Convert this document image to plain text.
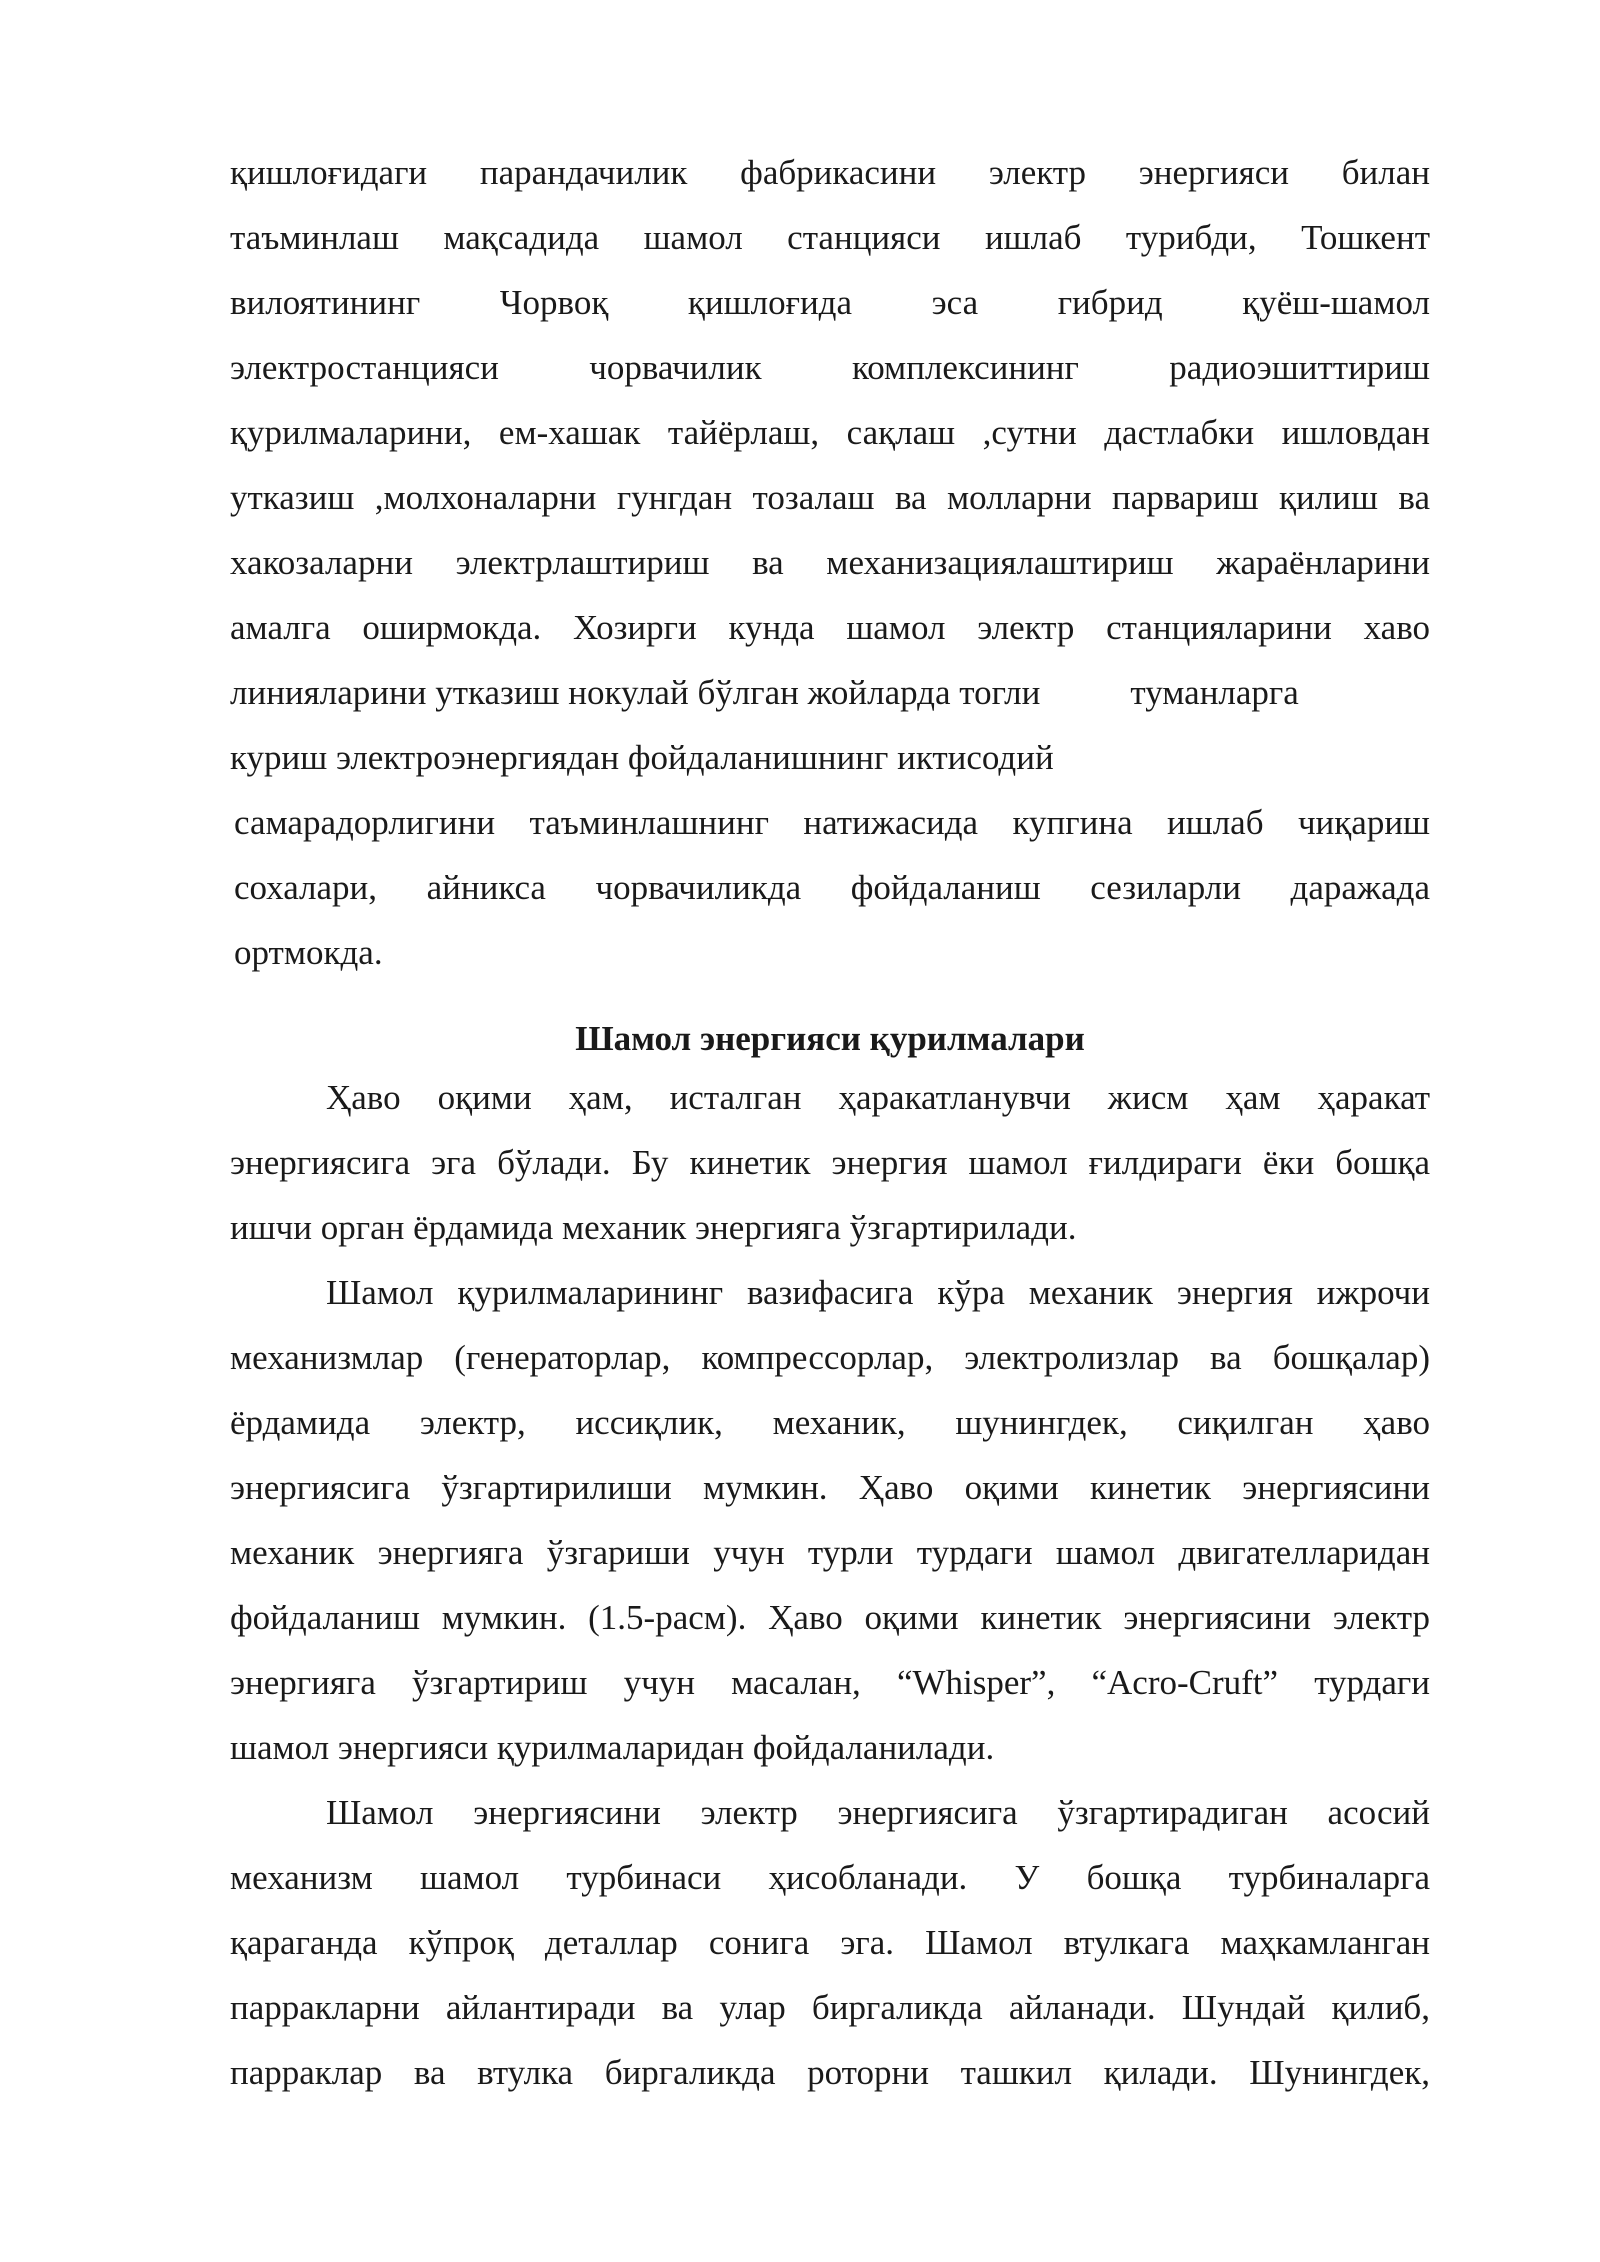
қишлоғидаги парандачилик фабрикасини электр энергияси билан
таъминлаш мақсадида шамол станцияси ишлаб турибди, Тошкент
вилоятининг Чорвоқ қишлоғида эса гибрид қуёш-шамол
электростанцияси чорвачилик комплексининг радиоэшиттириш
қурилмаларини, ем-хашак тайёрлаш, сақлаш ,сутни дастлабки ишловдан
утказиш ,молхоналарни гунгдан тозалаш ва молларни парвариш қилиш ва
хакозаларни электрлаштириш ва механизациялаштириш жараёнларини
амалга оширмокда. Хозирги кунда шамол электр станцияларини хаво
линияларини утказиш нокулай бўлган жойларда тогли	туманларга
куриш электроэнергиядан фойдаланишнинг иктисодий
самарадорлигини таъминлашнинг натижасида купгина ишлаб чиқариш
сохалари, айникса чорвачиликда фойдаланиш сезиларли даражада
ортмокда.
Шамол энергияси қурилмалари
Ҳаво оқими ҳам, исталган ҳаракатланувчи жисм ҳам ҳаракат
энергиясига эга бўлади. Бу кинетик энергия шамол ғилдираги ёки бошқа
ишчи орган ёрдамида механик энергияга ўзгартирилади.
Шамол қурилмаларининг вазифасига кўра механик энергия ижрочи
механизмлар (генераторлар, компрессорлар, электролизлар ва бошқалар)
ёрдамида электр, иссиқлик, механик, шунингдек, сиқилган ҳаво
энергиясига ўзгартирилиши мумкин. Ҳаво оқими кинетик энергиясини
механик энергияга ўзгариши учун турли турдаги шамол двигателларидан
фойдаланиш мумкин. (1.5-расм). Ҳаво оқими кинетик энергиясини электр
энергияга ўзгартириш учун масалан, “Whisper”, “Acro-Cruft” турдаги
шамол энергияси қурилмаларидан фойдаланилади.
Шамол энергиясини электр энергиясига ўзгартирадиган асосий
механизм шамол турбинаси ҳисобланади. У бошқа турбиналарга
қараганда кўпроқ деталлар сонига эга. Шамол втулкага маҳкамланган
парракларни айлантиради ва улар биргаликда айланади. Шундай қилиб,
парраклар ва втулка биргаликда роторни ташкил қилади. Шунингдек,
